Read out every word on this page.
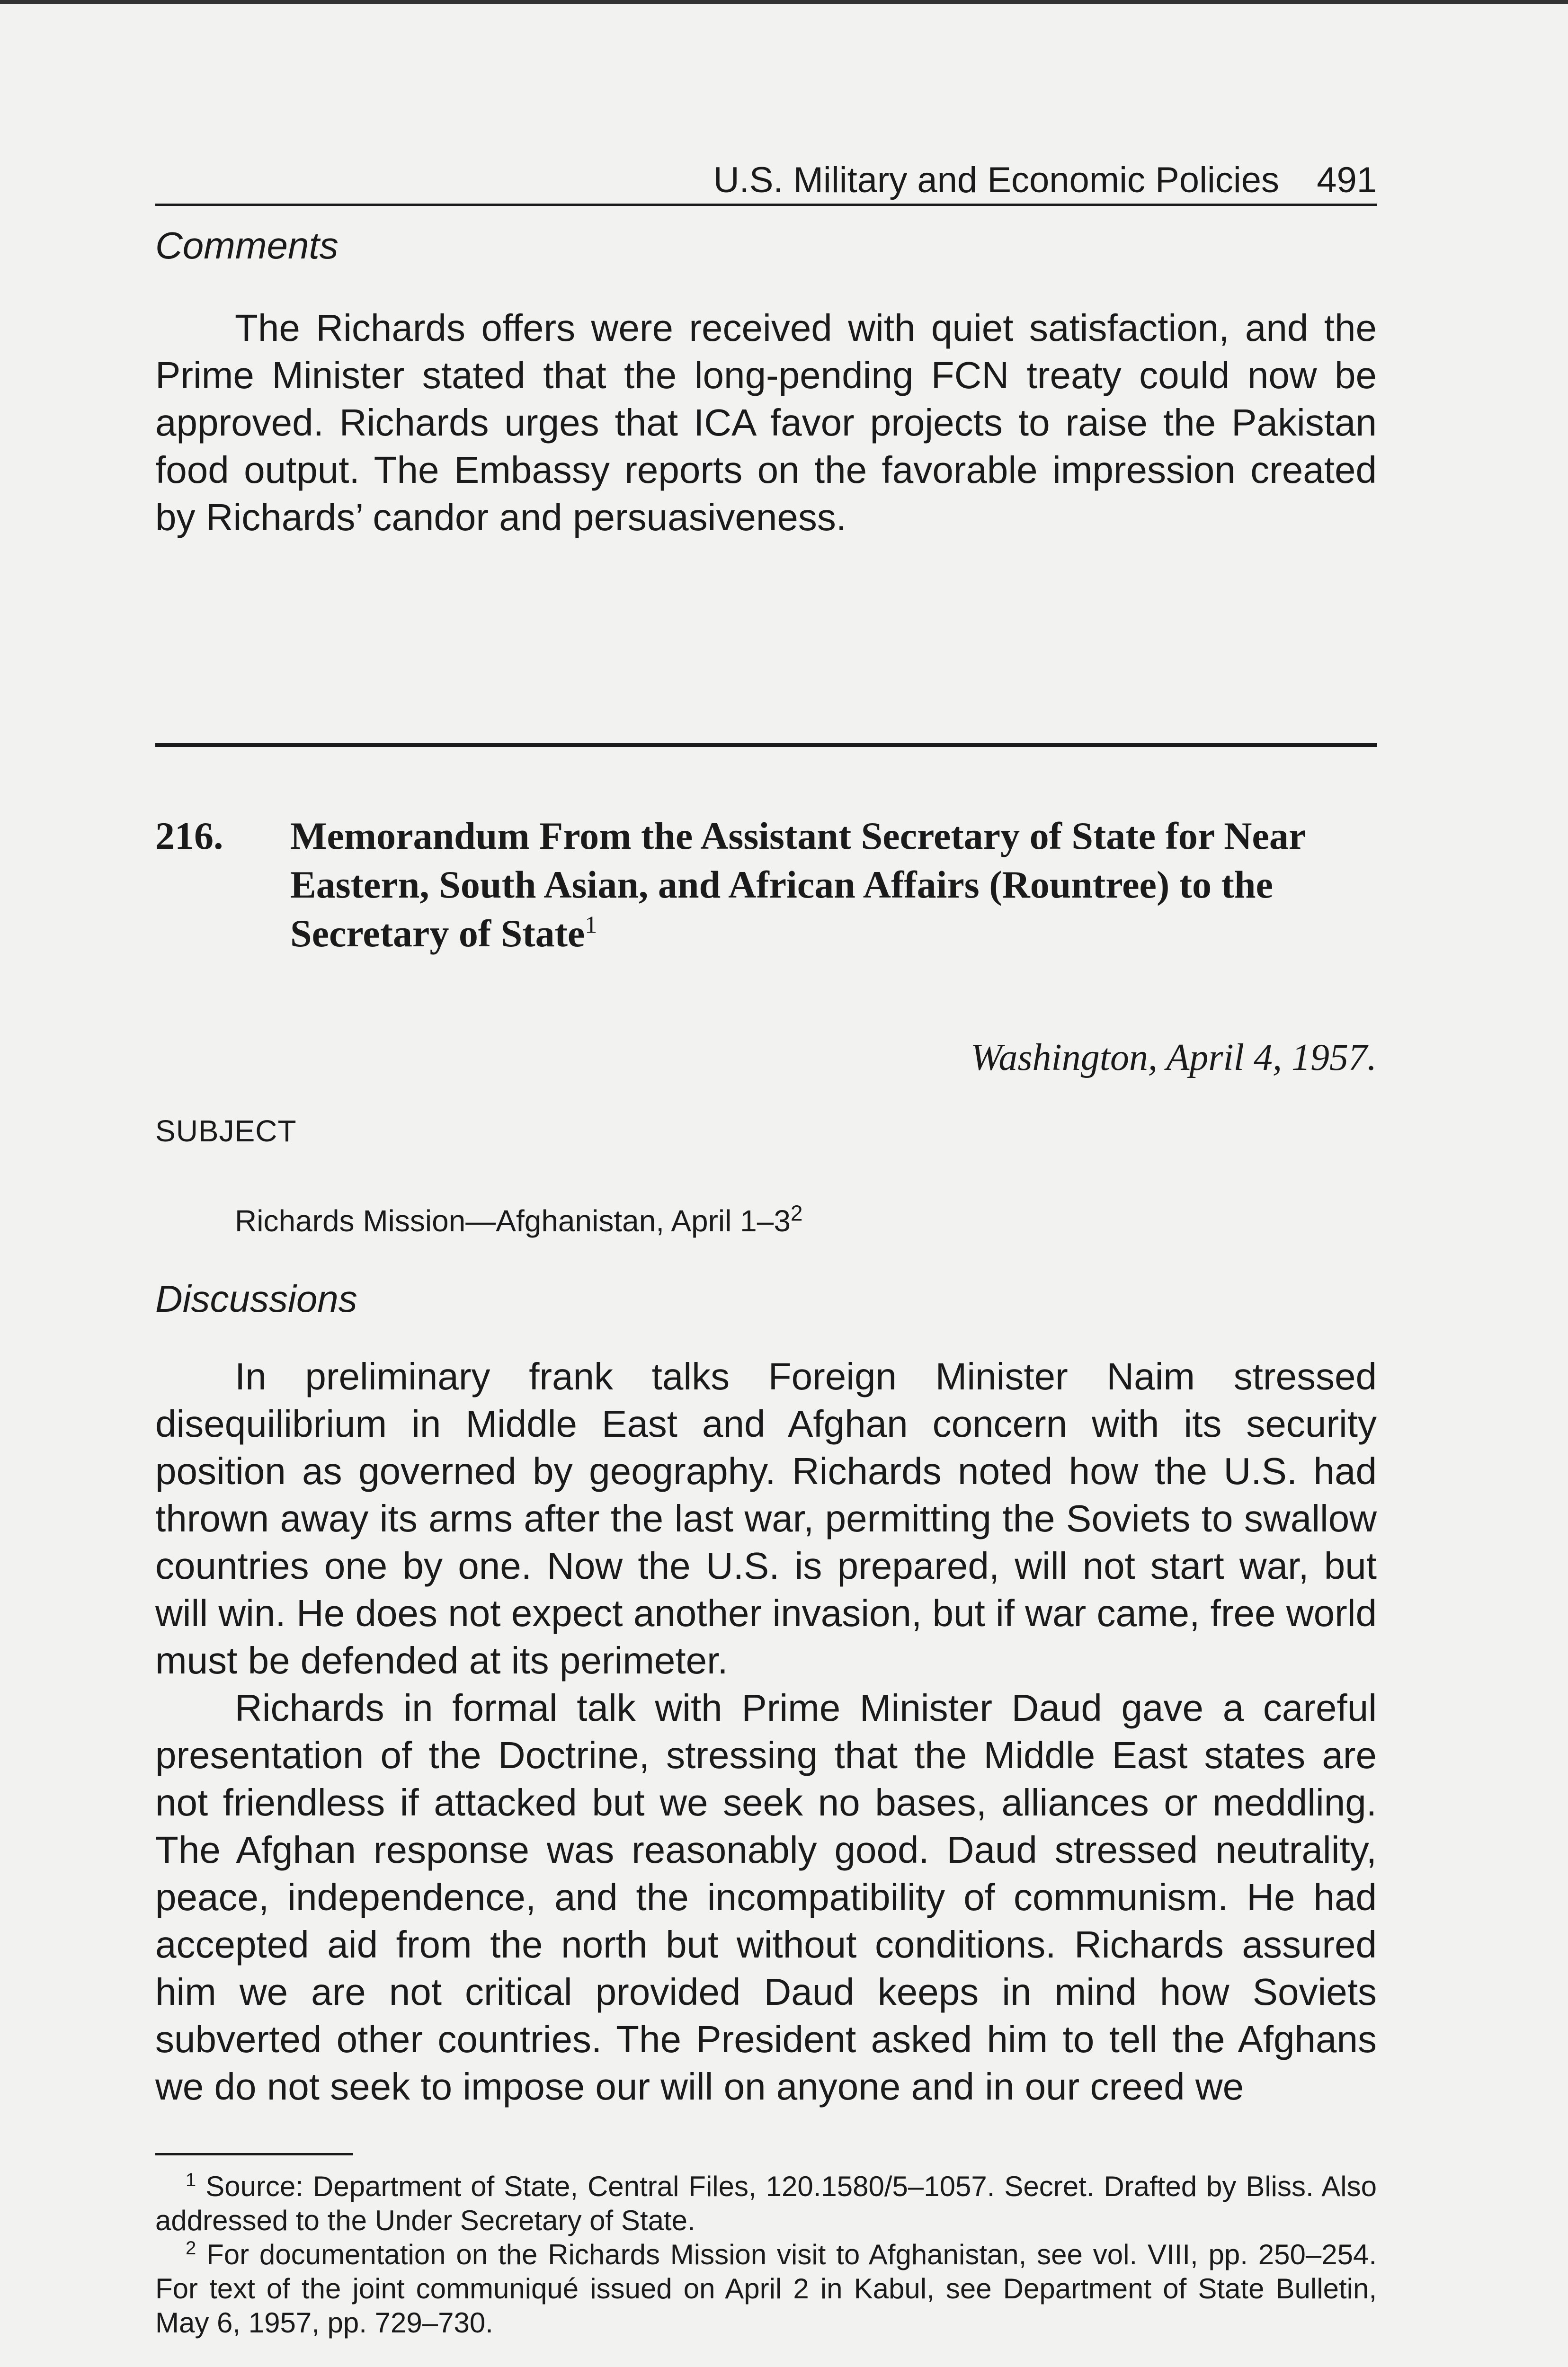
U.S. Military and Economic Policies 491
Comments

The Richards offers were received with quiet satisfaction, and the Prime Minister stated that the long-pending FCN treaty could now be approved. Richards urges that ICA favor projects to raise the Pakistan food output. The Embassy reports on the favorable impression created by Richards’ candor and persuasiveness.

216. Memorandum From the Assistant Secretary of State for Near Eastern, South Asian, and African Affairs (Rountree) to the Secretary of State$^1$
Washington, April 4, 1957.
SUBJECT
Richards Mission—Afghanistan, April $1-3^2$
Discussions

In preliminary frank talks Foreign Minister Naim stressed disequilibrium in Middle East and Afghan concern with its security position as governed by geography. Richards noted how the U.S. had thrown away its arms after the last war, permitting the Soviets to swallow countries one by one. Now the U.S. is prepared, will not start war, but will win. He does not expect another invasion, but if war came, free world must be defended at its perimeter.

Richards in formal talk with Prime Minister Daud gave a careful presentation of the Doctrine, stressing that the Middle East states are not friendless if attacked but we seek no bases, alliances or meddling. The Afghan response was reasonably good. Daud stressed neutrality, peace, independence, and the incompatibility of communism. He had accepted aid from the north but without conditions. Richards assured him we are not critical provided Daud keeps in mind how Soviets subverted other countries. The President asked him to tell the Afghans we do not seek to impose our will on anyone and in our creed we

$^1$ Source: Department of State, Central Files, 120.1580/5–1057. Secret. Drafted by Bliss. Also addressed to the Under Secretary of State.

$^2$ For documentation on the Richards Mission visit to Afghanistan, see vol. VIII, pp. 250–254. For text of the joint communiqué issued on April 2 in Kabul, see Department of State Bulletin, May 6, 1957, pp. 729–730.
